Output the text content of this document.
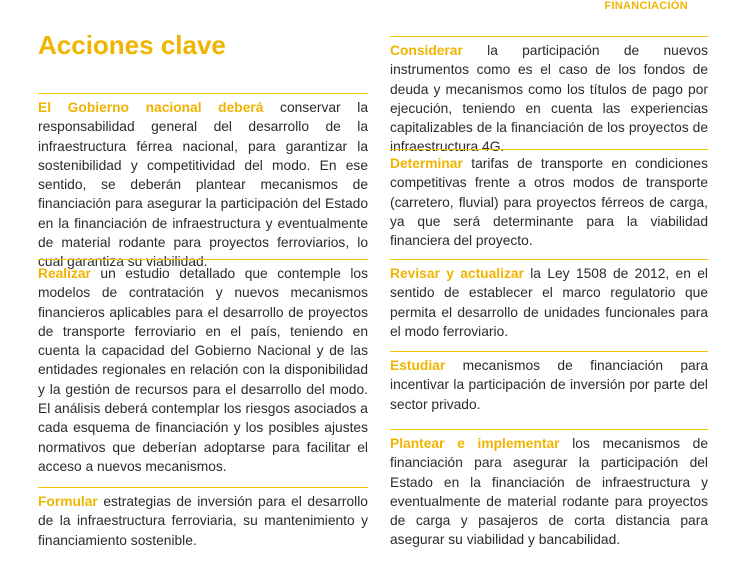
FINANCIACIÓN
Acciones clave
El Gobierno nacional deberá conservar la responsabilidad general del desarrollo de la infraestructura férrea nacional, para garantizar la sostenibilidad y competitividad del modo. En ese sentido, se deberán plantear mecanismos de financiación para asegurar la participación del Estado en la financiación de infraestructura y eventualmente de material rodante para proyectos ferroviarios, lo cual garantiza su viabilidad.
Realizar un estudio detallado que contemple los modelos de contratación y nuevos mecanismos financieros aplicables para el desarrollo de proyectos de transporte ferroviario en el país, teniendo en cuenta la capacidad del Gobierno Nacional y de las entidades regionales en relación con la disponibilidad y la gestión de recursos para el desarrollo del modo. El análisis deberá contemplar los riesgos asociados a cada esquema de financiación y los posibles ajustes normativos que deberían adoptarse para facilitar el acceso a nuevos mecanismos.
Formular estrategias de inversión para el desarrollo de la infraestructura ferroviaria, su mantenimiento y financiamiento sostenible.
Considerar la participación de nuevos instrumentos como es el caso de los fondos de deuda y mecanismos como los títulos de pago por ejecución, teniendo en cuenta las experiencias capitalizables de la financiación de los proyectos de infraestructura 4G.
Determinar tarifas de transporte en condiciones competitivas frente a otros modos de transporte (carretero, fluvial) para proyectos férreos de carga, ya que será determinante para la viabilidad financiera del proyecto.
Revisar y actualizar la Ley 1508 de 2012, en el sentido de establecer el marco regulatorio que permita el desarrollo de unidades funcionales para el modo ferroviario.
Estudiar mecanismos de financiación para incentivar la participación de inversión por parte del sector privado.
Plantear e implementar los mecanismos de financiación para asegurar la participación del Estado en la financiación de infraestructura y eventualmente de material rodante para proyectos de carga y pasajeros de corta distancia para asegurar su viabilidad y bancabilidad.
